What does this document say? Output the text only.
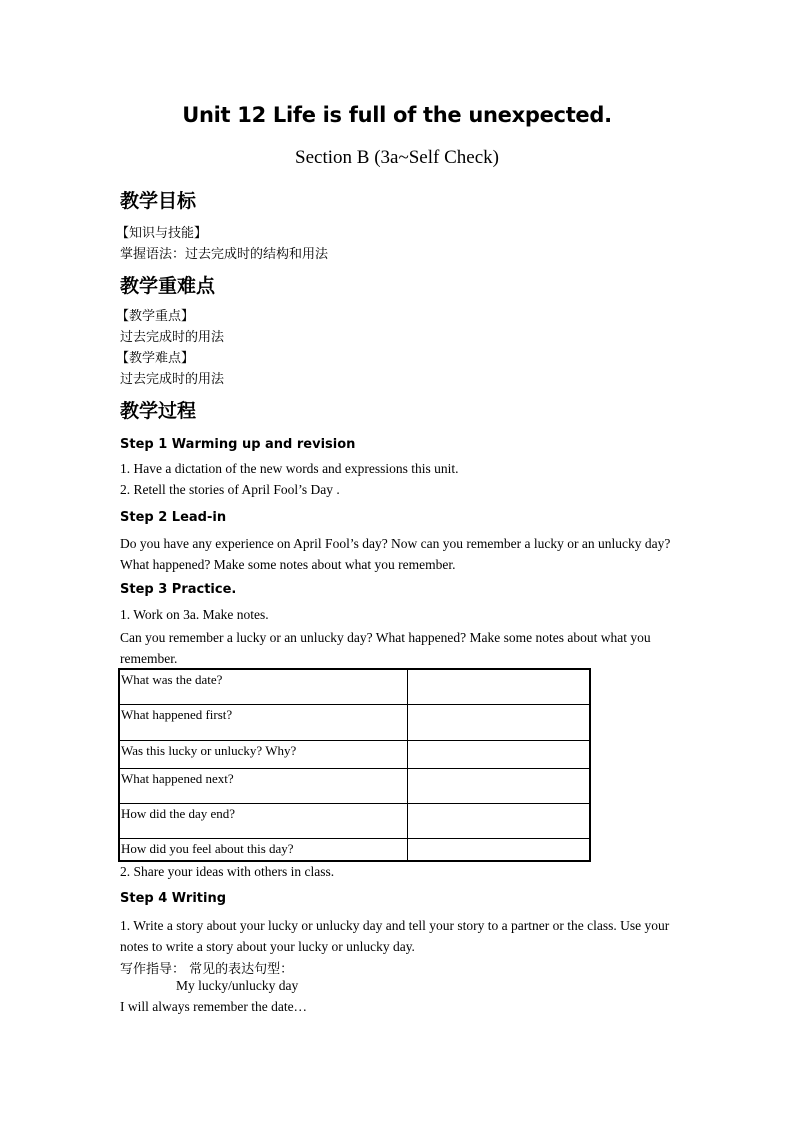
Unit 12 Life is full of the unexpected.
Section B (3a~Self Check)
教学目标
【知识与技能】
掌握语法：过去完成时的结构和用法
教学重难点
【教学重点】
过去完成时的用法
【教学难点】
过去完成时的用法
教学过程
Step 1 Warming up and revision
1. Have a dictation of the new words and expressions this unit.
2. Retell the stories of April Fool’s Day .
Step 2 Lead-in
Do you have any experience on April Fool’s day? Now can you remember a lucky or an unlucky day? What happened? Make some notes about what you remember.
Step 3 Practice.
1. Work on 3a. Make notes.
Can you remember a lucky or an unlucky day? What happened? Make some notes about what you remember.
What was the date?	
What happened first?	
Was this lucky or unlucky? Why?	
What happened next?	
How did the day end?	
How did you feel about this day?	
2. Share your ideas with others in class.
Step 4 Writing
1. Write a story about your lucky or unlucky day and tell your story to a partner or the class. Use your notes to write a story about your lucky or unlucky day.
写作指导： 常见的表达句型：
My lucky/unlucky day
I will always remember the date…
